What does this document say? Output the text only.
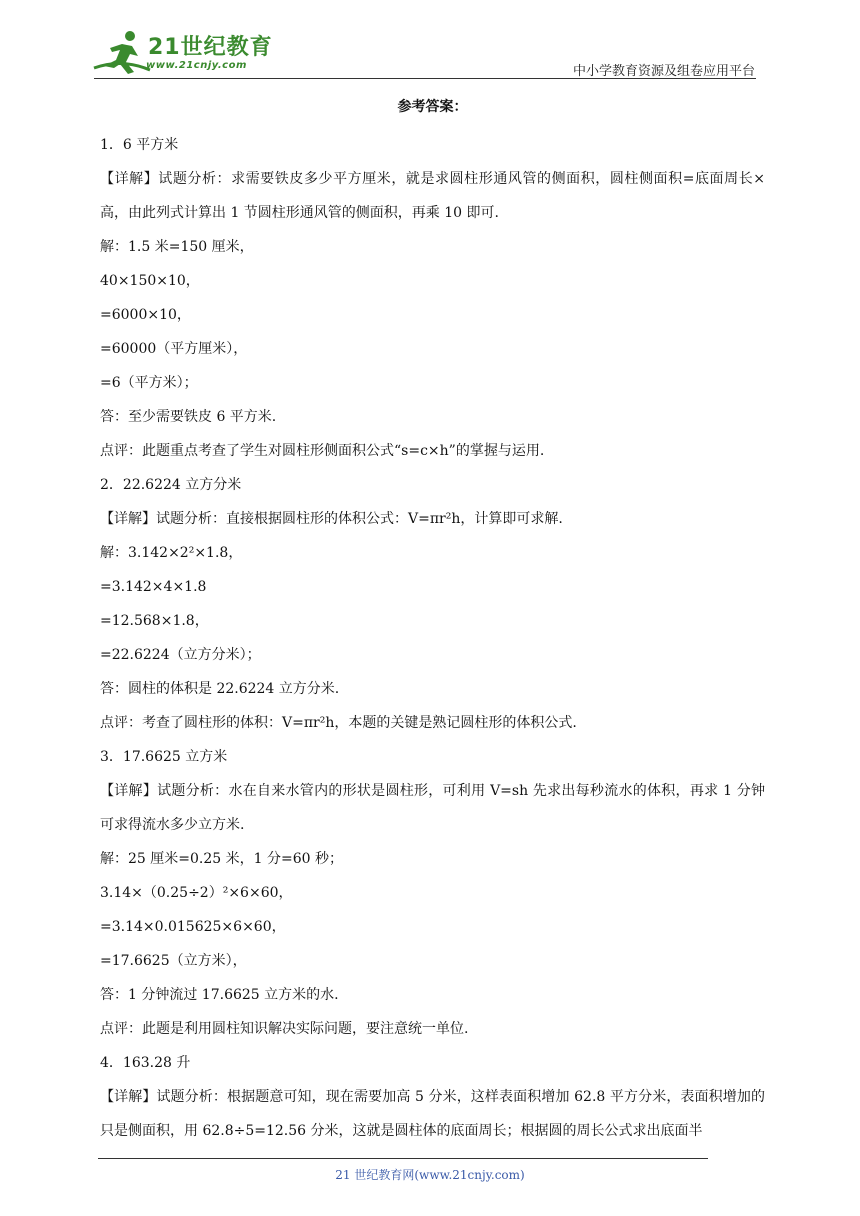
21世纪教育
www.21cnjy.com	中小学教育资源及组卷应用平台
参考答案：

1．6 平方米

【详解】试题分析：求需要铁皮多少平方厘米，就是求圆柱形通风管的侧面积，圆柱侧面积=底面周长×高，由此列式计算出 1 节圆柱形通风管的侧面积，再乘 10 即可.

解：1.5 米=150 厘米，

40×150×10，

=6000×10，

=60000（平方厘米），

=6（平方米）；

答：至少需要铁皮 6 平方米.

点评：此题重点考查了学生对圆柱形侧面积公式“s=c×h”的掌握与运用.

2．22.6224 立方分米

【详解】试题分析：直接根据圆柱形的体积公式：V=πr²h，计算即可求解.

解：3.142×2²×1.8，

=3.142×4×1.8

=12.568×1.8，

=22.6224（立方分米）；

答：圆柱的体积是 22.6224 立方分米.

点评：考查了圆柱形的体积：V=πr²h，本题的关键是熟记圆柱形的体积公式.

3．17.6625 立方米

【详解】试题分析：水在自来水管内的形状是圆柱形，可利用 V=sh 先求出每秒流水的体积，再求 1 分钟可求得流水多少立方米.

解：25 厘米=0.25 米，1 分=60 秒；

3.14×（0.25÷2）²×6×60，

=3.14×0.015625×6×60，

=17.6625（立方米），

答：1 分钟流过 17.6625 立方米的水.

点评：此题是利用圆柱知识解决实际问题，要注意统一单位.

4．163.28 升

【详解】试题分析：根据题意可知，现在需要加高 5 分米，这样表面积增加 62.8 平方分米，表面积增加的只是侧面积，用 62.8÷5=12.56 分米，这就是圆柱体的底面周长；根据圆的周长公式求出底面半

21 世纪教育网(www.21cnjy.com)
